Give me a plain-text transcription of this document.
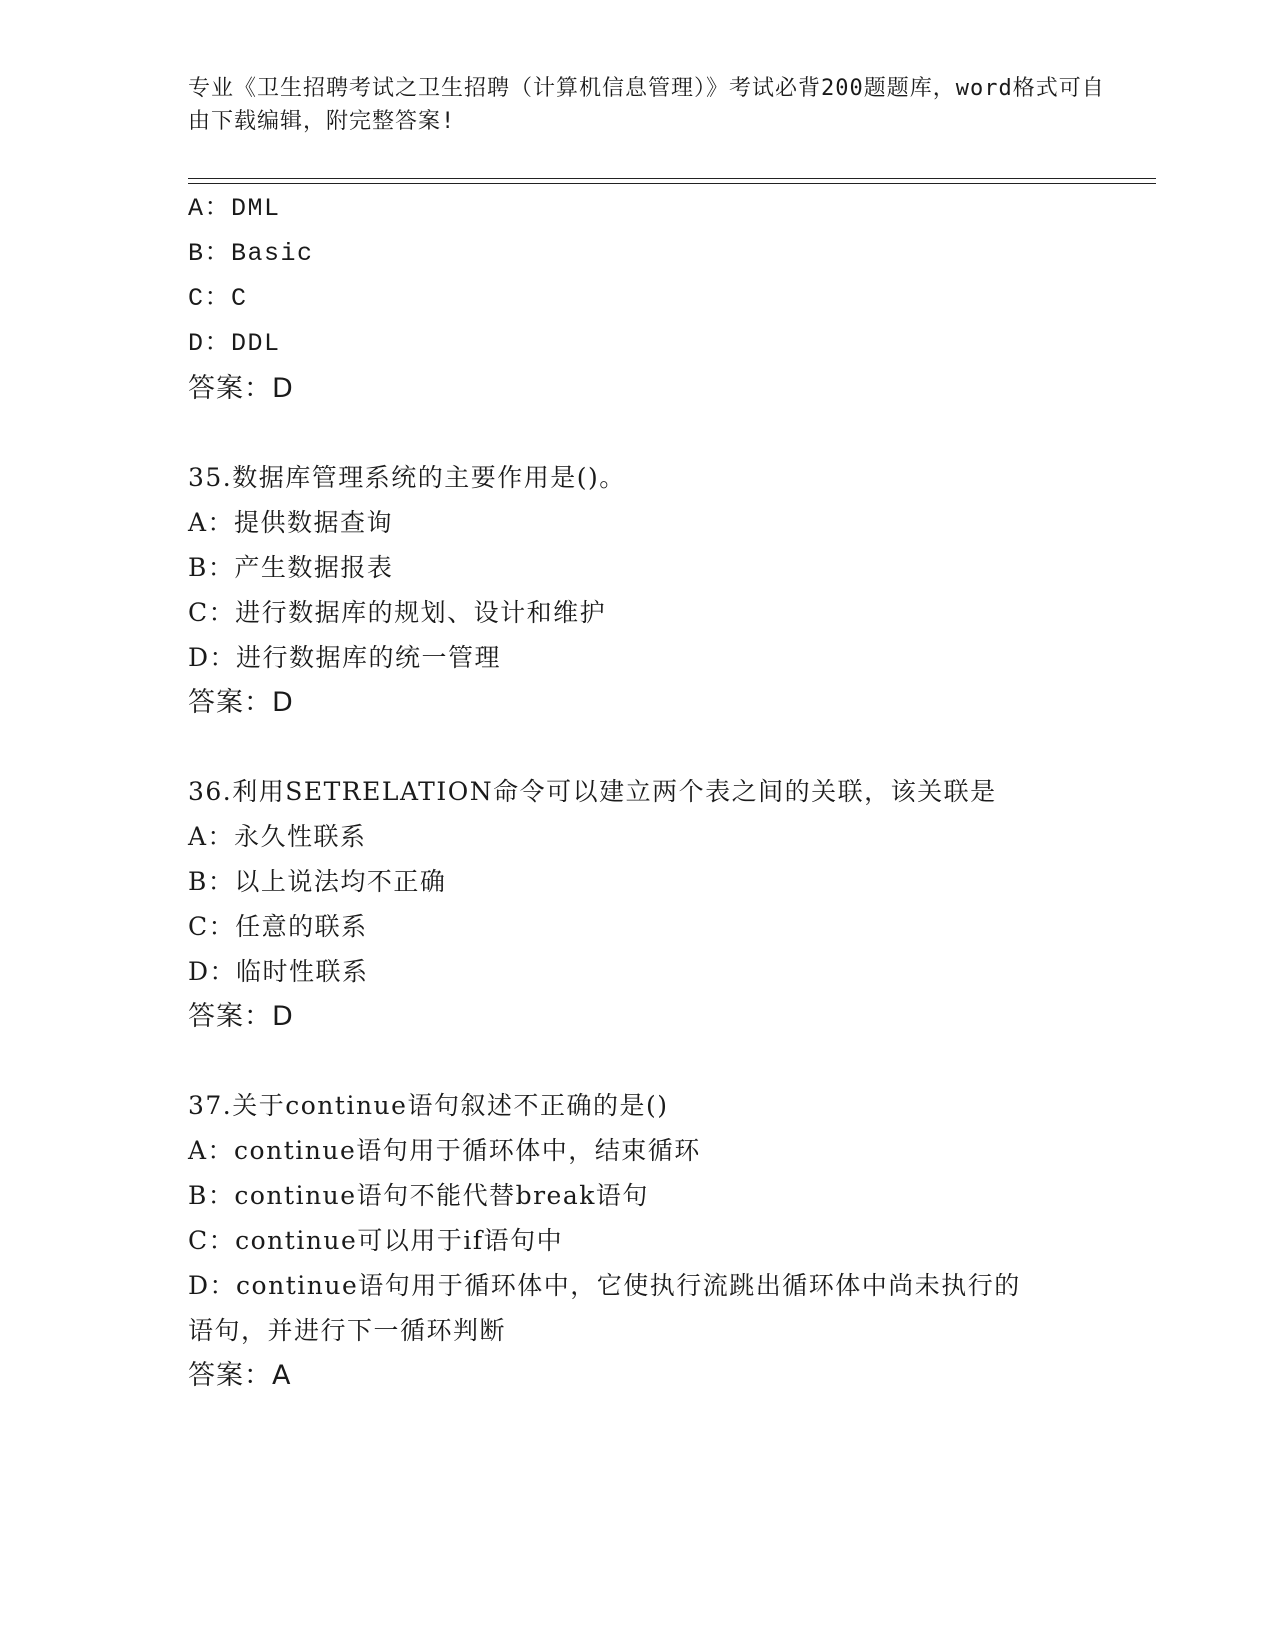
专业《卫生招聘考试之卫生招聘（计算机信息管理）》考试必背200题题库，word格式可自由下载编辑，附完整答案!
A：DML
B：Basic
C：C
D：DDL
答案：D
35.数据库管理系统的主要作用是()。
A：提供数据查询
B：产生数据报表
C：进行数据库的规划、设计和维护
D：进行数据库的统一管理
答案：D
36.利用SETRELATION命令可以建立两个表之间的关联，该关联是
A：永久性联系
B：以上说法均不正确
C：任意的联系
D：临时性联系
答案：D
37.关于continue语句叙述不正确的是()
A：continue语句用于循环体中，结束循环
B：continue语句不能代替break语句
C：continue可以用于if语句中
D：continue语句用于循环体中，它使执行流跳出循环体中尚未执行的
语句，并进行下一循环判断
答案：A
